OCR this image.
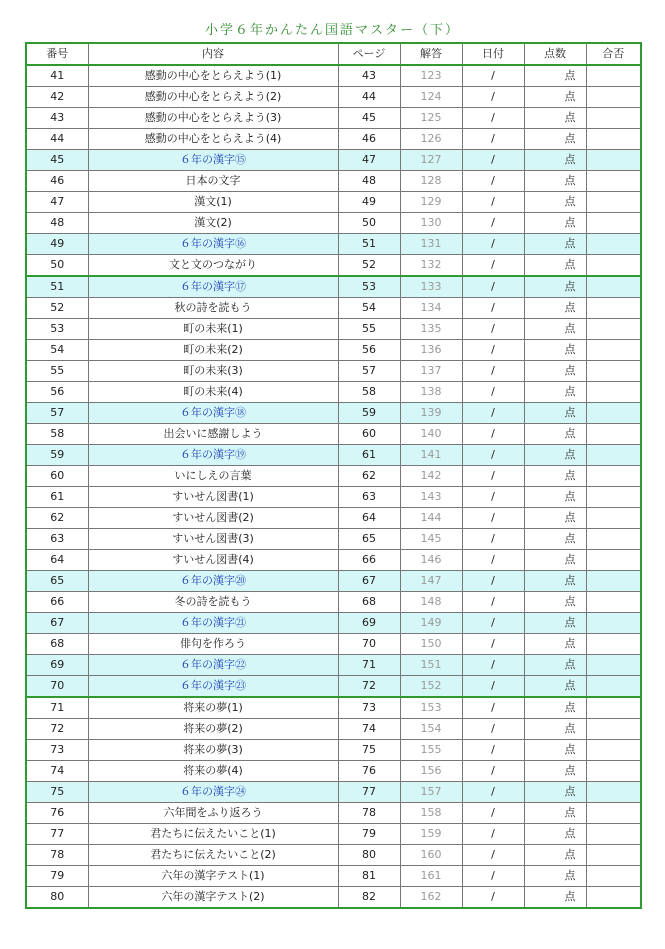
小学６年かんたん国語マスター（下）
番号	内容	ページ	解答	日付	点数	合否
41	感動の中心をとらえよう(1)	43	123	/	点	
42	感動の中心をとらえよう(2)	44	124	/	点	
43	感動の中心をとらえよう(3)	45	125	/	点	
44	感動の中心をとらえよう(4)	46	126	/	点	
45	６年の漢字⑮	47	127	/	点	
46	日本の文字	48	128	/	点	
47	漢文(1)	49	129	/	点	
48	漢文(2)	50	130	/	点	
49	６年の漢字⑯	51	131	/	点	
50	文と文のつながり	52	132	/	点	
51	６年の漢字⑰	53	133	/	点	
52	秋の詩を読もう	54	134	/	点	
53	町の未来(1)	55	135	/	点	
54	町の未来(2)	56	136	/	点	
55	町の未来(3)	57	137	/	点	
56	町の未来(4)	58	138	/	点	
57	６年の漢字⑱	59	139	/	点	
58	出会いに感謝しよう	60	140	/	点	
59	６年の漢字⑲	61	141	/	点	
60	いにしえの言葉	62	142	/	点	
61	すいせん図書(1)	63	143	/	点	
62	すいせん図書(2)	64	144	/	点	
63	すいせん図書(3)	65	145	/	点	
64	すいせん図書(4)	66	146	/	点	
65	６年の漢字⑳	67	147	/	点	
66	冬の詩を読もう	68	148	/	点	
67	６年の漢字㉑	69	149	/	点	
68	俳句を作ろう	70	150	/	点	
69	６年の漢字㉒	71	151	/	点	
70	６年の漢字㉓	72	152	/	点	
71	将来の夢(1)	73	153	/	点	
72	将来の夢(2)	74	154	/	点	
73	将来の夢(3)	75	155	/	点	
74	将来の夢(4)	76	156	/	点	
75	６年の漢字㉔	77	157	/	点	
76	六年間をふり返ろう	78	158	/	点	
77	君たちに伝えたいこと(1)	79	159	/	点	
78	君たちに伝えたいこと(2)	80	160	/	点	
79	六年の漢字テスト(1)	81	161	/	点	
80	六年の漢字テスト(2)	82	162	/	点	
